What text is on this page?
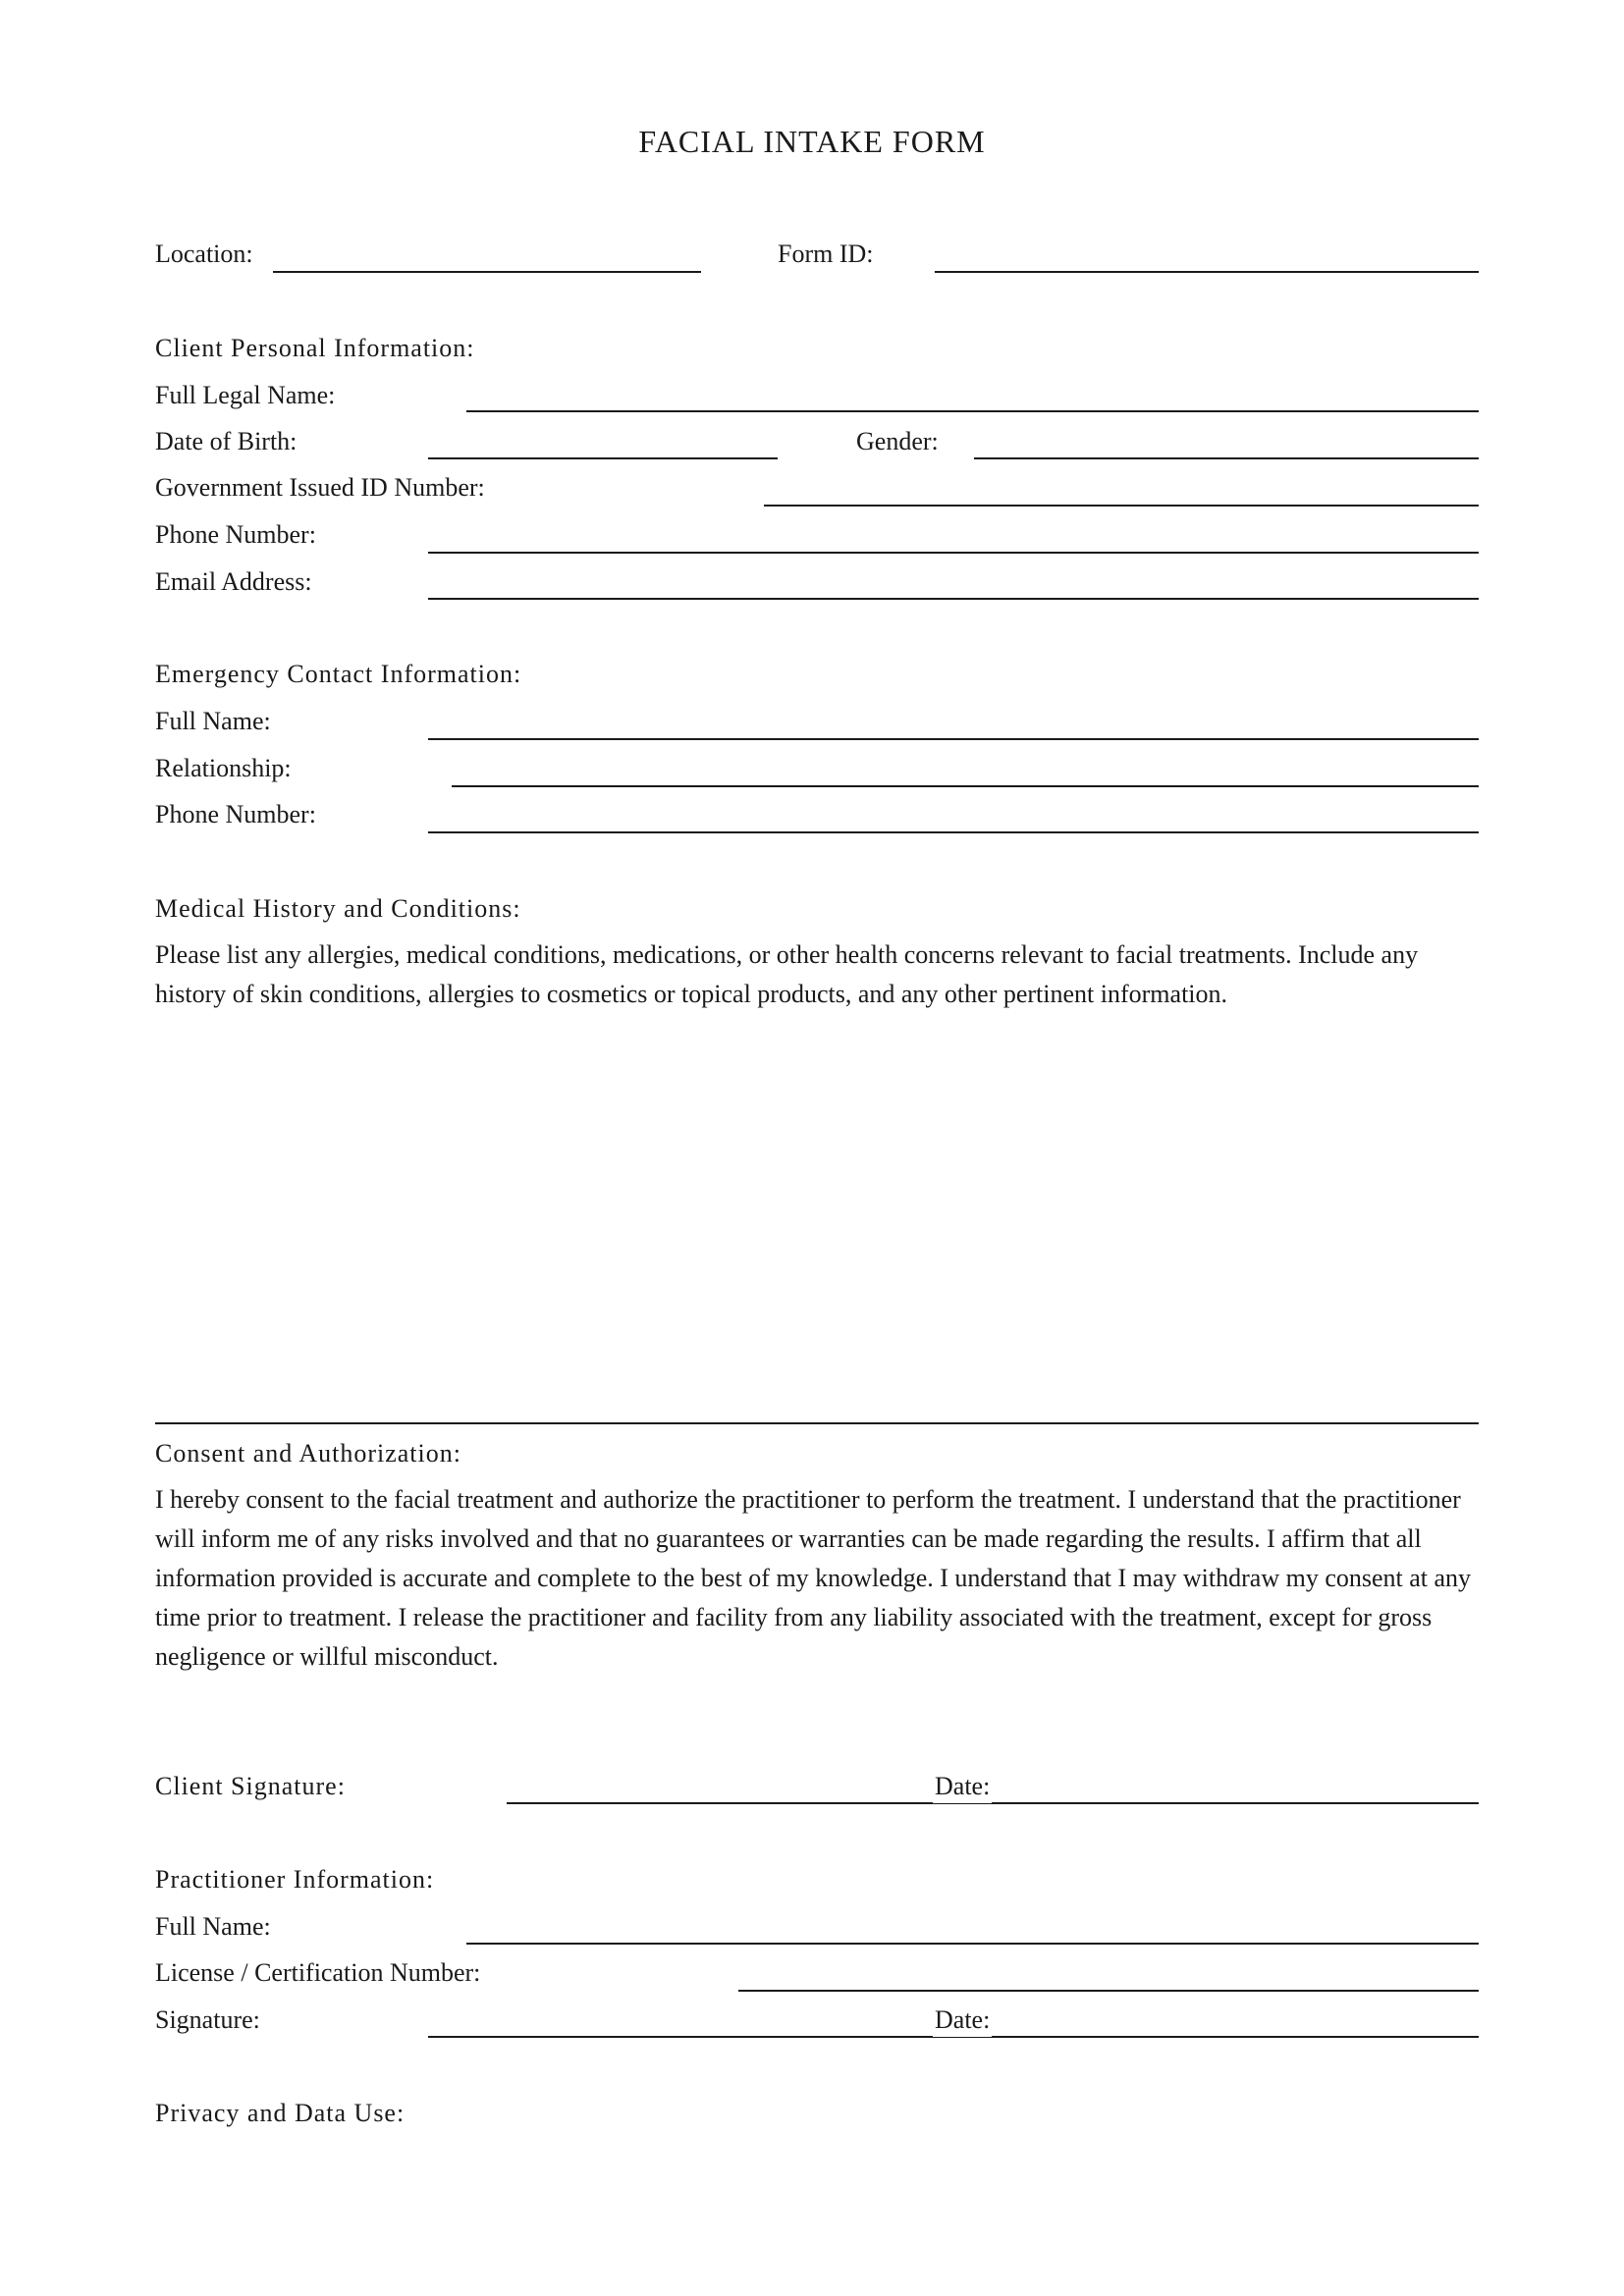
FACIAL INTAKE FORM
Location:	Form ID:
Client Personal Information:
Full Legal Name:
Date of Birth:	Gender:
Government Issued ID Number:
Phone Number:
Email Address:
Emergency Contact Information:
Full Name:
Relationship:
Phone Number:
Medical History and Conditions:
Please list any allergies, medical conditions, medications, or other health concerns relevant to facial treatments. Include any history of skin conditions, allergies to cosmetics or topical products, and any other pertinent information.
Consent and Authorization:
I hereby consent to the facial treatment and authorize the practitioner to perform the treatment. I understand that the practitioner will inform me of any risks involved and that no guarantees or warranties can be made regarding the results. I affirm that all information provided is accurate and complete to the best of my knowledge. I understand that I may withdraw my consent at any time prior to treatment. I release the practitioner and facility from any liability associated with the treatment, except for gross negligence or willful misconduct.
Client Signature:	Date:
Practitioner Information:
Full Name:
License / Certification Number:
Signature:	Date:
Privacy and Data Use:
